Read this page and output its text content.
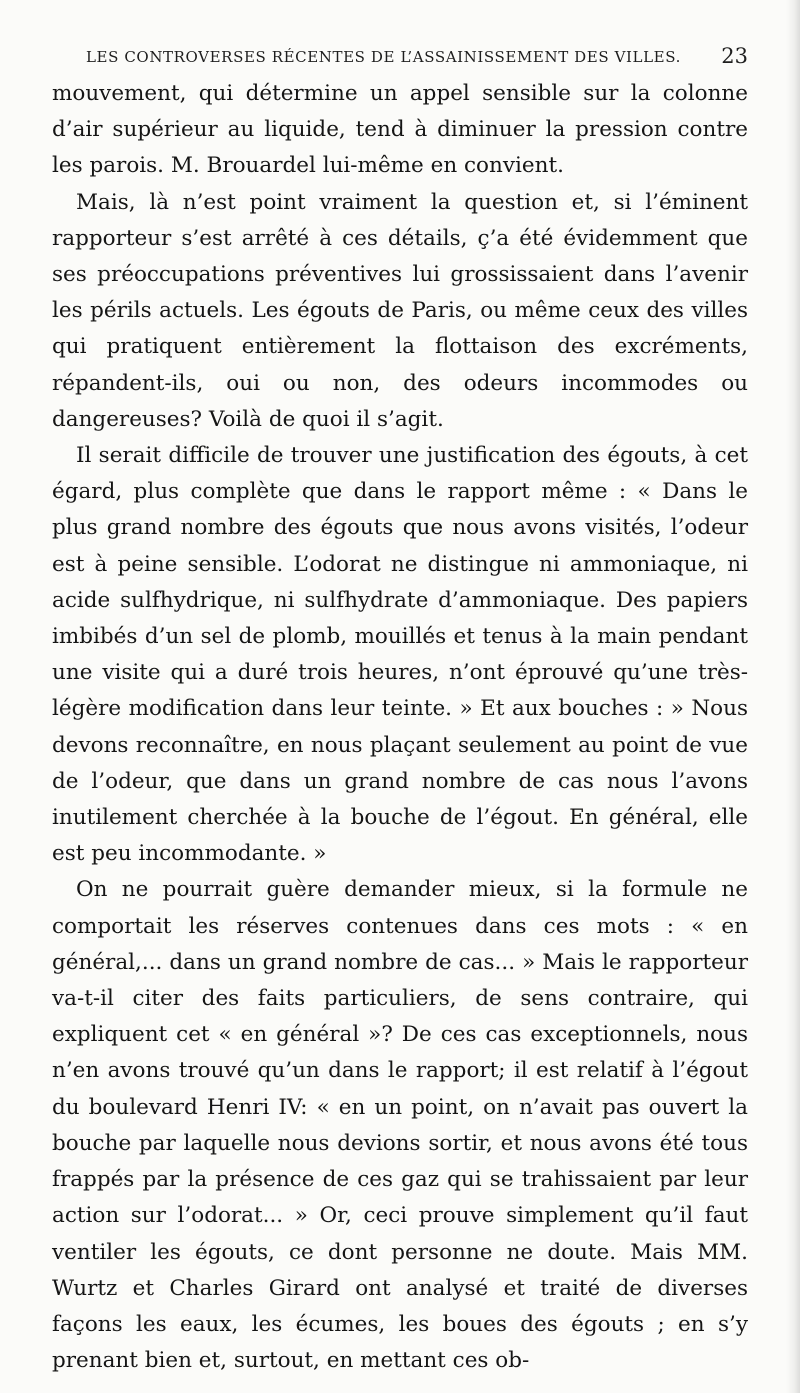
LES CONTROVERSES RÉCENTES DE L’ASSAINISSEMENT DES VILLES. 23

mouvement, qui détermine un appel sensible sur la colonne d’air supérieur au liquide, tend à diminuer la pression contre les parois. M. Brouardel lui-même en convient.

Mais, là n’est point vraiment la question et, si l’éminent rapporteur s’est arrêté à ces détails, ç’a été évidemment que ses préoccupations préventives lui grossissaient dans l’avenir les périls actuels. Les égouts de Paris, ou même ceux des villes qui pratiquent entièrement la flottaison des excréments, répandent-ils, oui ou non, des odeurs incommodes ou dangereuses? Voilà de quoi il s’agit.

Il serait difficile de trouver une justification des égouts, à cet égard, plus complète que dans le rapport même : « Dans le plus grand nombre des égouts que nous avons visités, l’odeur est à peine sensible. L’odorat ne distingue ni ammoniaque, ni acide sulfhydrique, ni sulfhydrate d’ammoniaque. Des papiers imbibés d’un sel de plomb, mouillés et tenus à la main pendant une visite qui a duré trois heures, n’ont éprouvé qu’une très-légère modification dans leur teinte. » Et aux bouches : » Nous devons reconnaître, en nous plaçant seulement au point de vue de l’odeur, que dans un grand nombre de cas nous l’avons inutilement cherchée à la bouche de l’égout. En général, elle est peu incommodante. »

On ne pourrait guère demander mieux, si la formule ne comportait les réserves contenues dans ces mots : « en général,... dans un grand nombre de cas... » Mais le rapporteur va-t-il citer des faits particuliers, de sens contraire, qui expliquent cet « en général »? De ces cas exceptionnels, nous n’en avons trouvé qu’un dans le rapport; il est relatif à l’égout du boulevard Henri IV: « en un point, on n’avait pas ouvert la bouche par laquelle nous devions sortir, et nous avons été tous frappés par la présence de ces gaz qui se trahissaient par leur action sur l’odorat... » Or, ceci prouve simplement qu’il faut ventiler les égouts, ce dont personne ne doute. Mais MM. Wurtz et Charles Girard ont analysé et traité de diverses façons les eaux, les écumes, les boues des égouts ; en s’y prenant bien et, surtout, en mettant ces ob-
